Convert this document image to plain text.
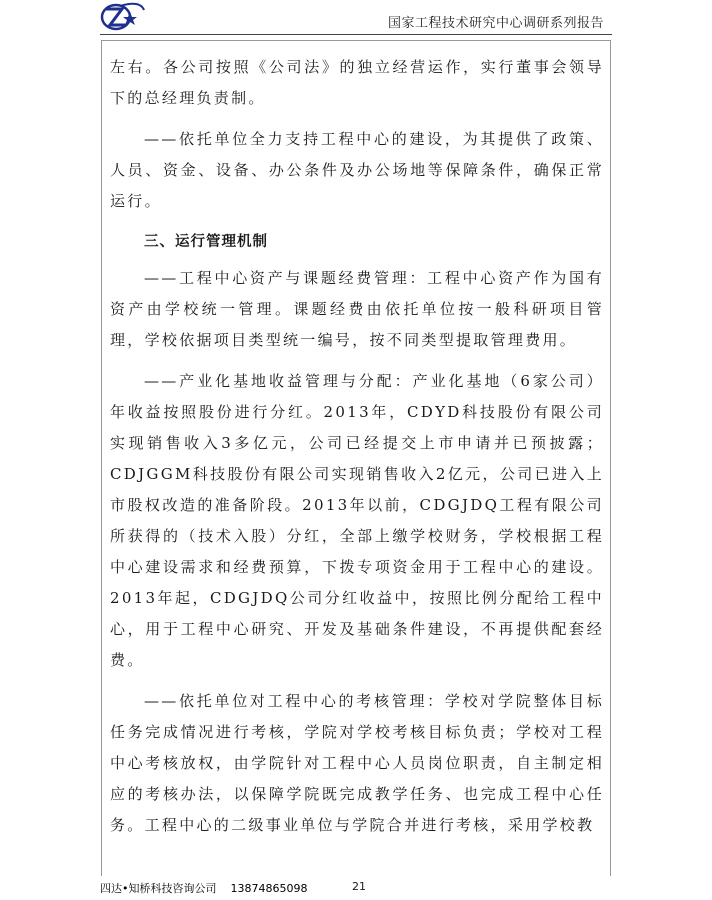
国家工程技术研究中心调研系列报告

左右。各公司按照《公司法》的独立经营运作，实行董事会领导下的总经理负责制。

——依托单位全力支持工程中心的建设，为其提供了政策、人员、资金、设备、办公条件及办公场地等保障条件，确保正常运行。

三、运行管理机制

——工程中心资产与课题经费管理：工程中心资产作为国有资产由学校统一管理。课题经费由依托单位按一般科研项目管理，学校依据项目类型统一编号，按不同类型提取管理费用。

——产业化基地收益管理与分配：产业化基地（6家公司）年收益按照股份进行分红。2013年，CDYD科技股份有限公司实现销售收入3多亿元，公司已经提交上市申请并已预披露；CDJGGM科技股份有限公司实现销售收入2亿元，公司已进入上市股权改造的准备阶段。2013年以前，CDGJDQ工程有限公司所获得的（技术入股）分红，全部上缴学校财务，学校根据工程中心建设需求和经费预算，下拨专项资金用于工程中心的建设。2013年起，CDGJDQ公司分红收益中，按照比例分配给工程中心，用于工程中心研究、开发及基础条件建设，不再提供配套经费。

——依托单位对工程中心的考核管理：学校对学院整体目标任务完成情况进行考核，学院对学校考核目标负责；学校对工程中心考核放权，由学院针对工程中心人员岗位职责，自主制定相应的考核办法，以保障学院既完成教学任务、也完成工程中心任务。工程中心的二级事业单位与学院合并进行考核，采用学校教

四达•知桥科技咨询公司 13874865098	21
